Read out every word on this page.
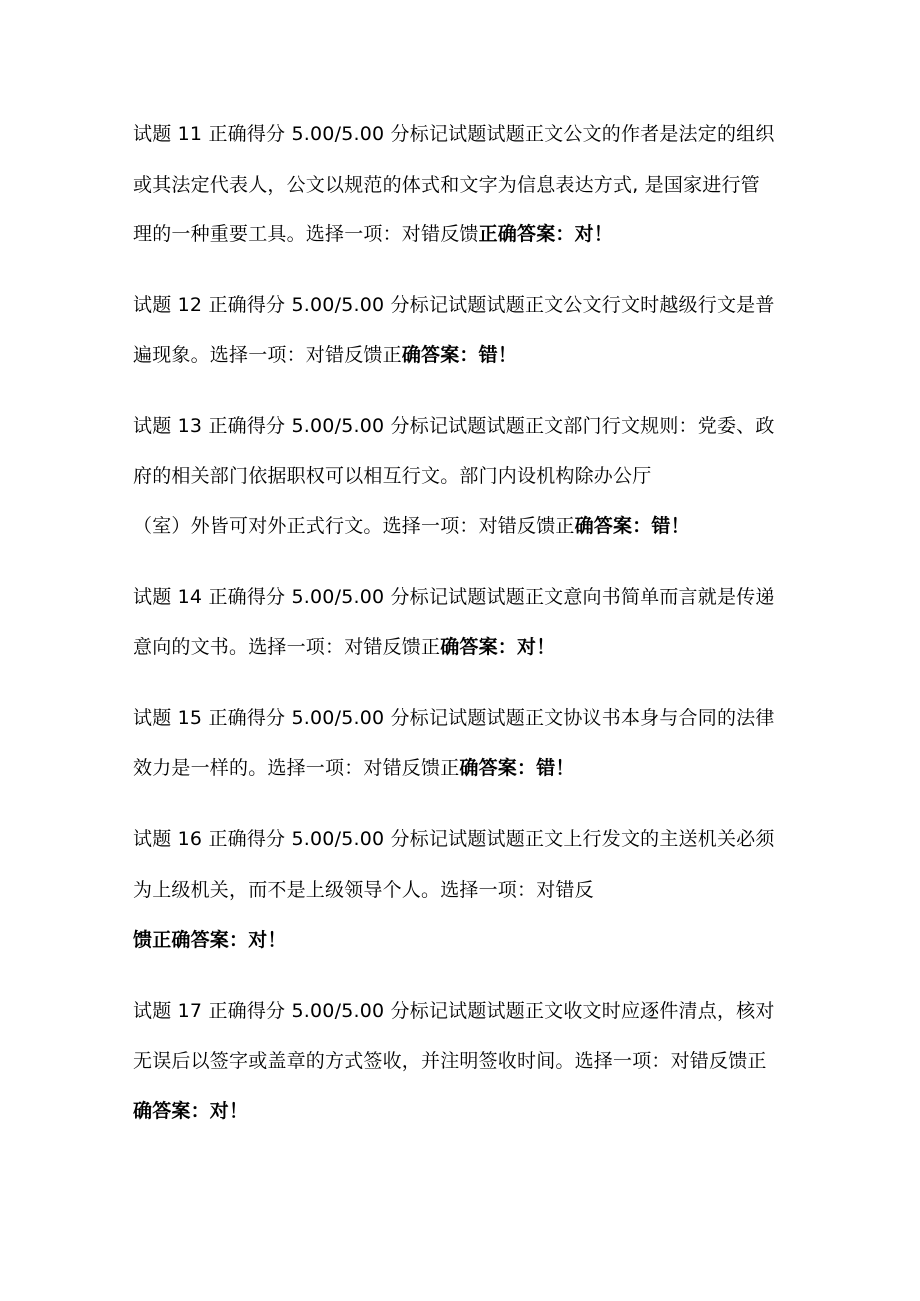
试题 11 正确得分 5.00/5.00 分标记试题试题正文公文的作者是法定的组织
或其法定代表人，公文以规范的体式和文字为信息表达方式, 是国家进行管
理的一种重要工具。选择一项：对错反馈正确答案：对！
试题 12 正确得分 5.00/5.00 分标记试题试题正文公文行文时越级行文是普
遍现象。选择一项：对错反馈正确答案：错！
试题 13 正确得分 5.00/5.00 分标记试题试题正文部门行文规则：党委、政
府的相关部门依据职权可以相互行文。部门内设机构除办公厅
（室）外皆可对外正式行文。选择一项：对错反馈正确答案：错！
试题 14 正确得分 5.00/5.00 分标记试题试题正文意向书简单而言就是传递
意向的文书。选择一项：对错反馈正确答案：对！
试题 15 正确得分 5.00/5.00 分标记试题试题正文协议书本身与合同的法律
效力是一样的。选择一项：对错反馈正确答案：错！
试题 16 正确得分 5.00/5.00 分标记试题试题正文上行发文的主送机关必须
为上级机关，而不是上级领导个人。选择一项：对错反
馈正确答案：对！
试题 17 正确得分 5.00/5.00 分标记试题试题正文收文时应逐件清点，核对
无误后以签字或盖章的方式签收，并注明签收时间。选择一项：对错反馈正
确答案：对！
